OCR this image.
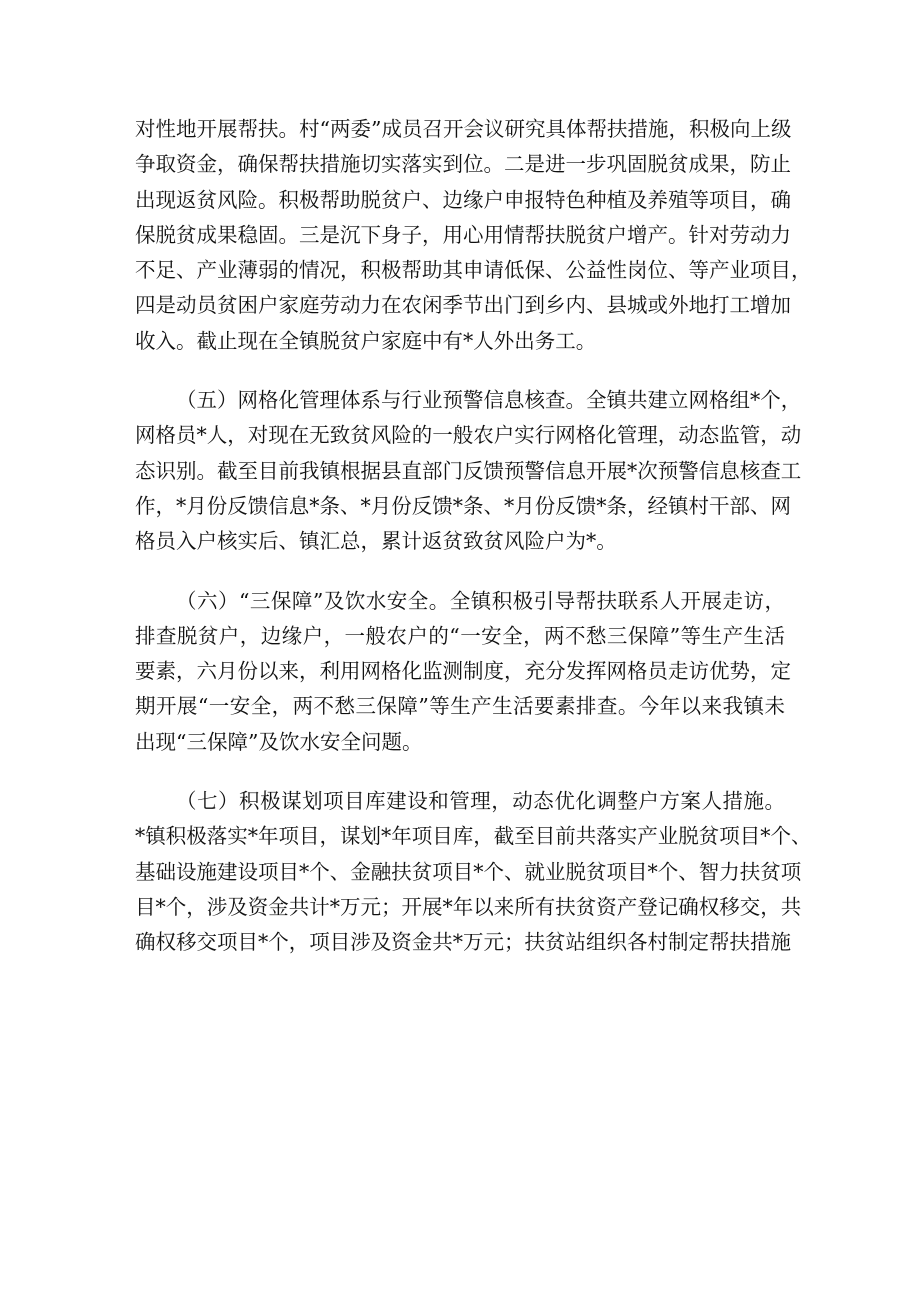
对性地开展帮扶。村“两委”成员召开会议研究具体帮扶措施，积极向上级
争取资金，确保帮扶措施切实落实到位。二是进一步巩固脱贫成果，防止
出现返贫风险。积极帮助脱贫户、边缘户申报特色种植及养殖等项目，确
保脱贫成果稳固。三是沉下身子，用心用情帮扶脱贫户增产。针对劳动力
不足、产业薄弱的情况，积极帮助其申请低保、公益性岗位、等产业项目，
四是动员贫困户家庭劳动力在农闲季节出门到乡内、县城或外地打工增加
收入。截止现在全镇脱贫户家庭中有*人外出务工。
（五）网格化管理体系与行业预警信息核查。全镇共建立网格组*个，
网格员*人，对现在无致贫风险的一般农户实行网格化管理，动态监管，动
态识别。截至目前我镇根据县直部门反馈预警信息开展*次预警信息核查工
作，*月份反馈信息*条、*月份反馈*条、*月份反馈*条，经镇村干部、网
格员入户核实后、镇汇总，累计返贫致贫风险户为*。
（六）“三保障”及饮水安全。全镇积极引导帮扶联系人开展走访，
排查脱贫户，边缘户，一般农户的“一安全，两不愁三保障”等生产生活
要素，六月份以来，利用网格化监测制度，充分发挥网格员走访优势，定
期开展“一安全，两不愁三保障”等生产生活要素排查。今年以来我镇未
出现“三保障”及饮水安全问题。
（七）积极谋划项目库建设和管理，动态优化调整户方案人措施。
*镇积极落实*年项目，谋划*年项目库，截至目前共落实产业脱贫项目*个、
基础设施建设项目*个、金融扶贫项目*个、就业脱贫项目*个、智力扶贫项
目*个，涉及资金共计*万元；开展*年以来所有扶贫资产登记确权移交，共
确权移交项目*个，项目涉及资金共*万元；扶贫站组织各村制定帮扶措施
